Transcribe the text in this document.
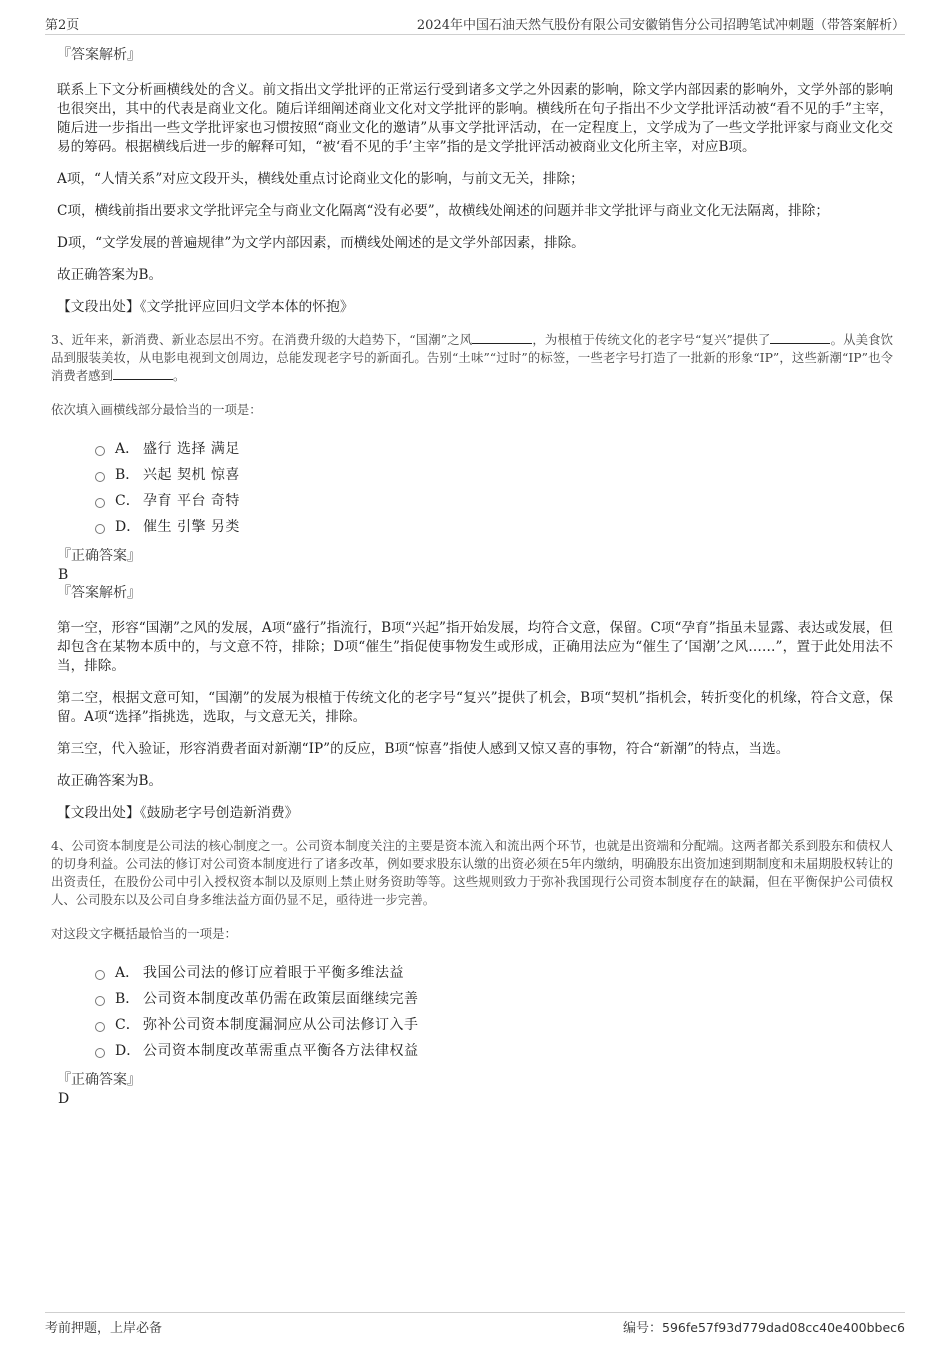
第2页	2024年中国石油天然气股份有限公司安徽销售分公司招聘笔试冲刺题（带答案解析）
『答案解析』

联系上下文分析画横线处的含义。前文指出文学批评的正常运行受到诸多文学之外因素的影响，除文学内部因素的影响外，文学外部的影响也很突出，其中的代表是商业文化。随后详细阐述商业文化对文学批评的影响。横线所在句子指出不少文学批评活动被“看不见的手”主宰，随后进一步指出一些文学批评家也习惯按照“商业文化的邀请”从事文学批评活动，在一定程度上，文学成为了一些文学批评家与商业文化交易的筹码。根据横线后进一步的解释可知，“被‘看不见的手’主宰”指的是文学批评活动被商业文化所主宰，对应B项。

A项，“人情关系”对应文段开头，横线处重点讨论商业文化的影响，与前文无关，排除；

C项，横线前指出要求文学批评完全与商业文化隔离“没有必要”，故横线处阐述的问题并非文学批评与商业文化无法隔离，排除；

D项，“文学发展的普遍规律”为文学内部因素，而横线处阐述的是文学外部因素，排除。

故正确答案为B。

【文段出处】《文学批评应回归文学本体的怀抱》

3、近年来，新消费、新业态层出不穷。在消费升级的大趋势下，“国潮”之风	，为根植于传统文化的老字号“复兴”提供了	。从美食饮品到服装美妆，从电影电视到文创周边，总能发现老字号的新面孔。告别“土味”“过时”的标签，一些老字号打造了一批新的形象“IP”，这些新潮“IP”也令消费者感到	。
依次填入画横线部分最恰当的一项是：
A． 盛行 选择 满足
B． 兴起 契机 惊喜
C． 孕育 平台 奇特
D． 催生 引擎 另类
『正确答案』
B
『答案解析』

第一空，形容“国潮”之风的发展，A项“盛行”指流行，B项“兴起”指开始发展，均符合文意，保留。C项“孕育”指虽未显露、表达或发展，但却包含在某物本质中的，与文意不符，排除；D项“催生”指促使事物发生或形成，正确用法应为“催生了‘国潮’之风……”，置于此处用法不当，排除。

第二空，根据文意可知，“国潮”的发展为根植于传统文化的老字号“复兴”提供了机会，B项“契机”指机会，转折变化的机缘，符合文意，保留。A项“选择”指挑选，选取，与文意无关，排除。

第三空，代入验证，形容消费者面对新潮“IP”的反应，B项“惊喜”指使人感到又惊又喜的事物，符合“新潮”的特点，当选。

故正确答案为B。

【文段出处】《鼓励老字号创造新消费》

4、公司资本制度是公司法的核心制度之一。公司资本制度关注的主要是资本流入和流出两个环节，也就是出资端和分配端。这两者都关系到股东和债权人的切身利益。公司法的修订对公司资本制度进行了诸多改革，例如要求股东认缴的出资必须在5年内缴纳，明确股东出资加速到期制度和未届期股权转让的出资责任，在股份公司中引入授权资本制以及原则上禁止财务资助等等。这些规则致力于弥补我国现行公司资本制度存在的缺漏，但在平衡保护公司债权人、公司股东以及公司自身多维法益方面仍显不足，亟待进一步完善。
对这段文字概括最恰当的一项是：
A． 我国公司法的修订应着眼于平衡多维法益
B． 公司资本制度改革仍需在政策层面继续完善
C． 弥补公司资本制度漏洞应从公司法修订入手
D． 公司资本制度改革需重点平衡各方法律权益
『正确答案』
D
考前押题，上岸必备	编号：596fe57f93d779dad08cc40e400bbec6
